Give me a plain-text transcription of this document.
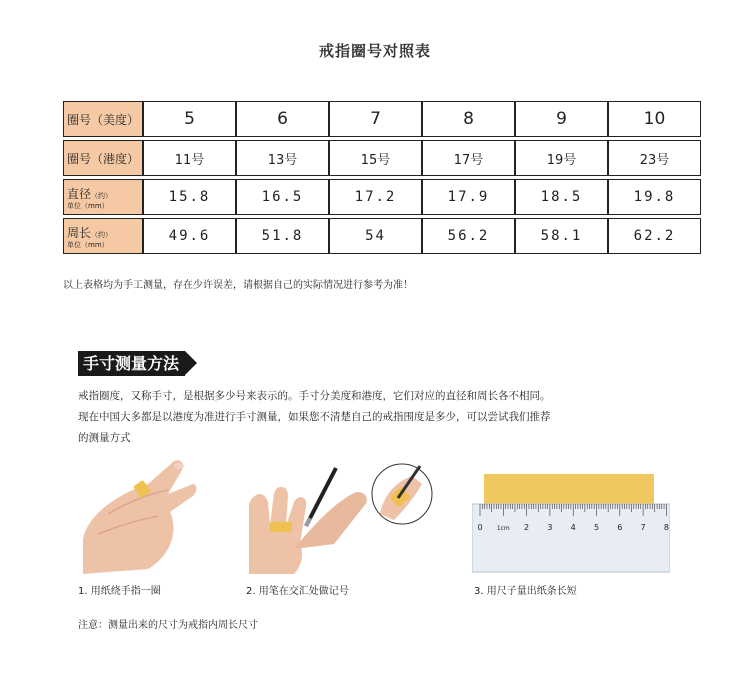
戒指圈号对照表
圈号（美度）	5	6	7	8	9	10
圈号（港度）	11号	13号	15号	17号	19号	23号
直径（约）
单位（mm）	15.8	16.5	17.2	17.9	18.5	19.8
周长（约）
单位（mm）	49.6	51.8	54	56.2	58.1	62.2
以上表格均为手工测量，存在少许误差，请根据自己的实际情况进行参考为准！
手寸测量方法
戒指圈度，又称手寸，是根据多少号来表示的。手寸分美度和港度，它们对应的直径和周长各不相同。
现在中国大多都是以港度为准进行手寸测量，如果您不清楚自己的戒指围度是多少，可以尝试我们推荐
的测量方式
0 1cm 2 3 4 5 6 7 8
1. 用纸绕手指一圈	2. 用笔在交汇处做记号	3. 用尺子量出纸条长短
注意：测量出来的尺寸为戒指内周长尺寸
